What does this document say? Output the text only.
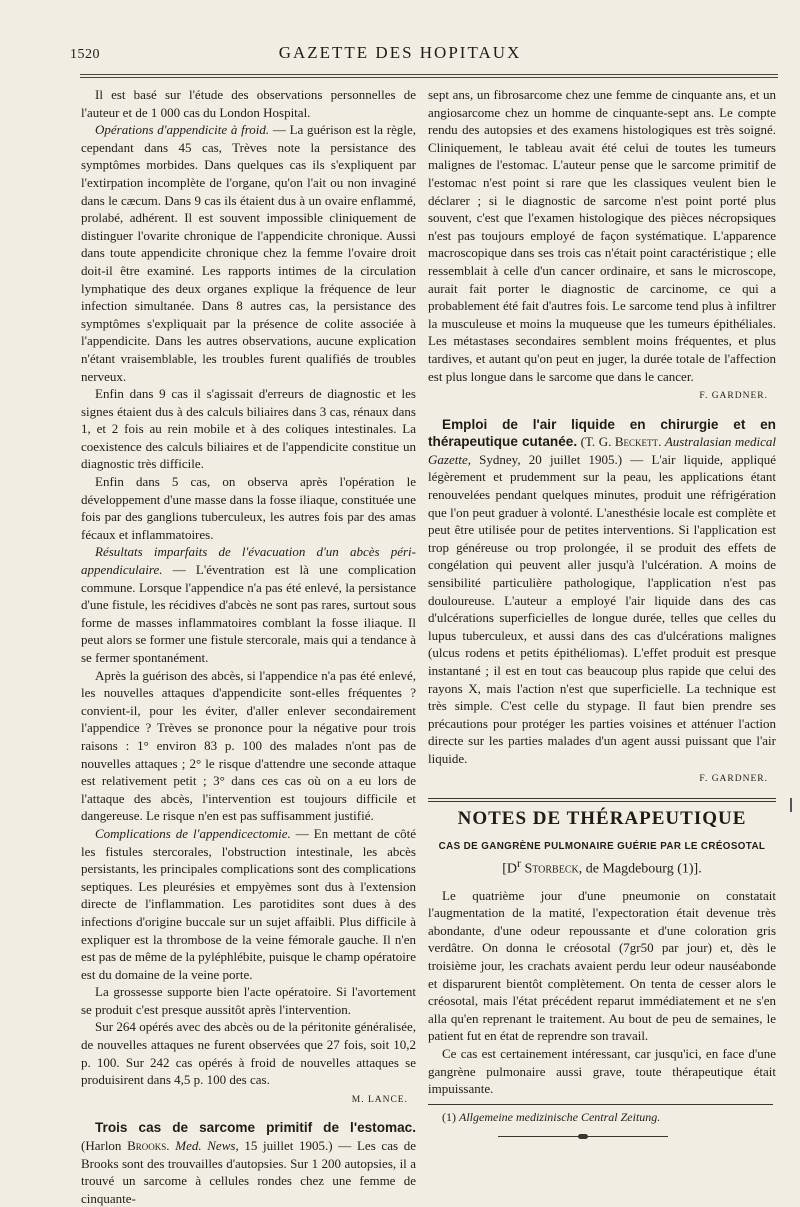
1520	GAZETTE DES HOPITAUX

Il est basé sur l'étude des observations personnelles de l'auteur et de 1 000 cas du London Hospital.

Opérations d'appendicite à froid. — La guérison est la règle, cependant dans 45 cas, Trèves note la persistance des symptômes morbides. Dans quelques cas ils s'expliquent par l'extirpation incomplète de l'organe, qu'on l'ait ou non invaginé dans le cæcum. Dans 9 cas ils étaient dus à un ovaire enflammé, prolabé, adhérent. Il est souvent impossible cliniquement de distinguer l'ovarite chronique de l'appendicite chronique. Aussi dans toute appendicite chronique chez la femme l'ovaire droit doit-il être examiné. Les rapports intimes de la circulation lymphatique des deux organes explique la fréquence de leur infection simultanée. Dans 8 autres cas, la persistance des symptômes s'expliquait par la présence de colite associée à l'appendicite. Dans les autres observations, aucune explication n'étant vraisemblable, les troubles furent qualifiés de troubles nerveux.

Enfin dans 9 cas il s'agissait d'erreurs de diagnostic et les signes étaient dus à des calculs biliaires dans 3 cas, rénaux dans 1, et 2 fois au rein mobile et à des coliques intestinales. La coexistence des calculs biliaires et de l'appendicite constitue un diagnostic très difficile.

Enfin dans 5 cas, on observa après l'opération le développement d'une masse dans la fosse iliaque, constituée une fois par des ganglions tuberculeux, les autres fois par des amas fécaux et inflammatoires.

Résultats imparfaits de l'évacuation d'un abcès péri-appendiculaire. — L'éventration est là une complication commune. Lorsque l'appendice n'a pas été enlevé, la persistance d'une fistule, les récidives d'abcès ne sont pas rares, surtout sous forme de masses inflammatoires comblant la fosse iliaque. Il peut alors se former une fistule stercorale, mais qui a tendance à se fermer spontanément.

Après la guérison des abcès, si l'appendice n'a pas été enlevé, les nouvelles attaques d'appendicite sont-elles fréquentes ? convient-il, pour les éviter, d'aller enlever secondairement l'appendice ? Trèves se prononce pour la négative pour trois raisons : 1° environ 83 p. 100 des malades n'ont pas de nouvelles attaques ; 2° le risque d'attendre une seconde attaque est relativement petit ; 3° dans ces cas où on a eu lors de l'attaque des abcès, l'intervention est toujours difficile et dangereuse. Le risque n'en est pas suffisamment justifié.

Complications de l'appendicectomie. — En mettant de côté les fistules stercorales, l'obstruction intestinale, les abcès persistants, les principales complications sont des complications septiques. Les pleurésies et empyèmes sont dus à l'extension directe de l'inflammation. Les parotidites sont dues à des infections d'origine buccale sur un sujet affaibli. Plus difficile à expliquer est la thrombose de la veine fémorale gauche. Il n'en est pas de même de la pyléphlébite, puisque le champ opératoire est du domaine de la veine porte.

La grossesse supporte bien l'acte opératoire. Si l'avortement se produit c'est presque aussitôt après l'intervention.

Sur 264 opérés avec des abcès ou de la péritonite généralisée, de nouvelles attaques ne furent observées que 27 fois, soit 10,2 p. 100. Sur 242 cas opérés à froid de nouvelles attaques se produisirent dans 4,5 p. 100 des cas.

M. LANCE.

Trois cas de sarcome primitif de l'estomac. (Harlon Brooks. Med. News, 15 juillet 1905.) — Les cas de Brooks sont des trouvailles d'autopsies. Sur 1 200 autopsies, il a trouvé un sarcome à cellules rondes chez une femme de cinquante-

sept ans, un fibrosarcome chez une femme de cinquante ans, et un angiosarcome chez un homme de cinquante-sept ans. Le compte rendu des autopsies et des examens histologiques est très soigné. Cliniquement, le tableau avait été celui de toutes les tumeurs malignes de l'estomac. L'auteur pense que le sarcome primitif de l'estomac n'est point si rare que les classiques veulent bien le déclarer ; si le diagnostic de sarcome n'est point porté plus souvent, c'est que l'examen histologique des pièces nécropsiques n'est pas toujours employé de façon systématique. L'apparence macroscopique dans ses trois cas n'était point caractéristique ; elle ressemblait à celle d'un cancer ordinaire, et sans le microscope, aurait fait porter le diagnostic de carcinome, ce qui a probablement été fait d'autres fois. Le sarcome tend plus à infiltrer la musculeuse et moins la muqueuse que les tumeurs épithéliales. Les métastases secondaires semblent moins fréquentes, et plus tardives, et autant qu'on peut en juger, la durée totale de l'affection est plus longue dans le sarcome que dans le cancer.

F. GARDNER.

Emploi de l'air liquide en chirurgie et en thérapeutique cutanée. (T. G. Beckett. Australasian medical Gazette, Sydney, 20 juillet 1905.) — L'air liquide, appliqué légèrement et prudemment sur la peau, les applications étant renouvelées pendant quelques minutes, produit une réfrigération que l'on peut graduer à volonté. L'anesthésie locale est complète et peut être utilisée pour de petites interventions. Si l'application est trop généreuse ou trop prolongée, il se produit des effets de congélation qui peuvent aller jusqu'à l'ulcération. A moins de sensibilité particulière pathologique, l'application n'est pas douloureuse. L'auteur a employé l'air liquide dans des cas d'ulcérations superficielles de longue durée, telles que celles du lupus tuberculeux, et aussi dans des cas d'ulcérations malignes (ulcus rodens et petits épithéliomas). L'effet produit est presque instantané ; il est en tout cas beaucoup plus rapide que celui des rayons X, mais l'action n'est que superficielle. La technique est très simple. C'est celle du stypage. Il faut bien prendre ses précautions pour protéger les parties voisines et atténuer l'action directe sur les parties malades d'un agent aussi puissant que l'air liquide.

F. GARDNER.
NOTES DE THÉRAPEUTIQUE
CAS DE GANGRÈNE PULMONAIRE GUÉRIE PAR LE CRÉOSOTAL
[$D^r$ Storbeck, de Magdebourg (1)].

Le quatrième jour d'une pneumonie on constatait l'augmentation de la matité, l'expectoration était devenue très abondante, d'une odeur repoussante et d'une coloration gris verdâtre. On donna le créosotal (7gr50 par jour) et, dès le troisième jour, les crachats avaient perdu leur odeur nauséabonde et disparurent bientôt complètement. On tenta de cesser alors le créosotal, mais l'état précédent reparut immédiatement et ne s'en alla qu'en reprenant le traitement. Au bout de peu de semaines, le patient fut en état de reprendre son travail.

Ce cas est certainement intéressant, car jusqu'ici, en face d'une gangrène pulmonaire aussi grave, toute thérapeutique était impuissante.

(1) Allgemeine medizinische Central Zeitung.
